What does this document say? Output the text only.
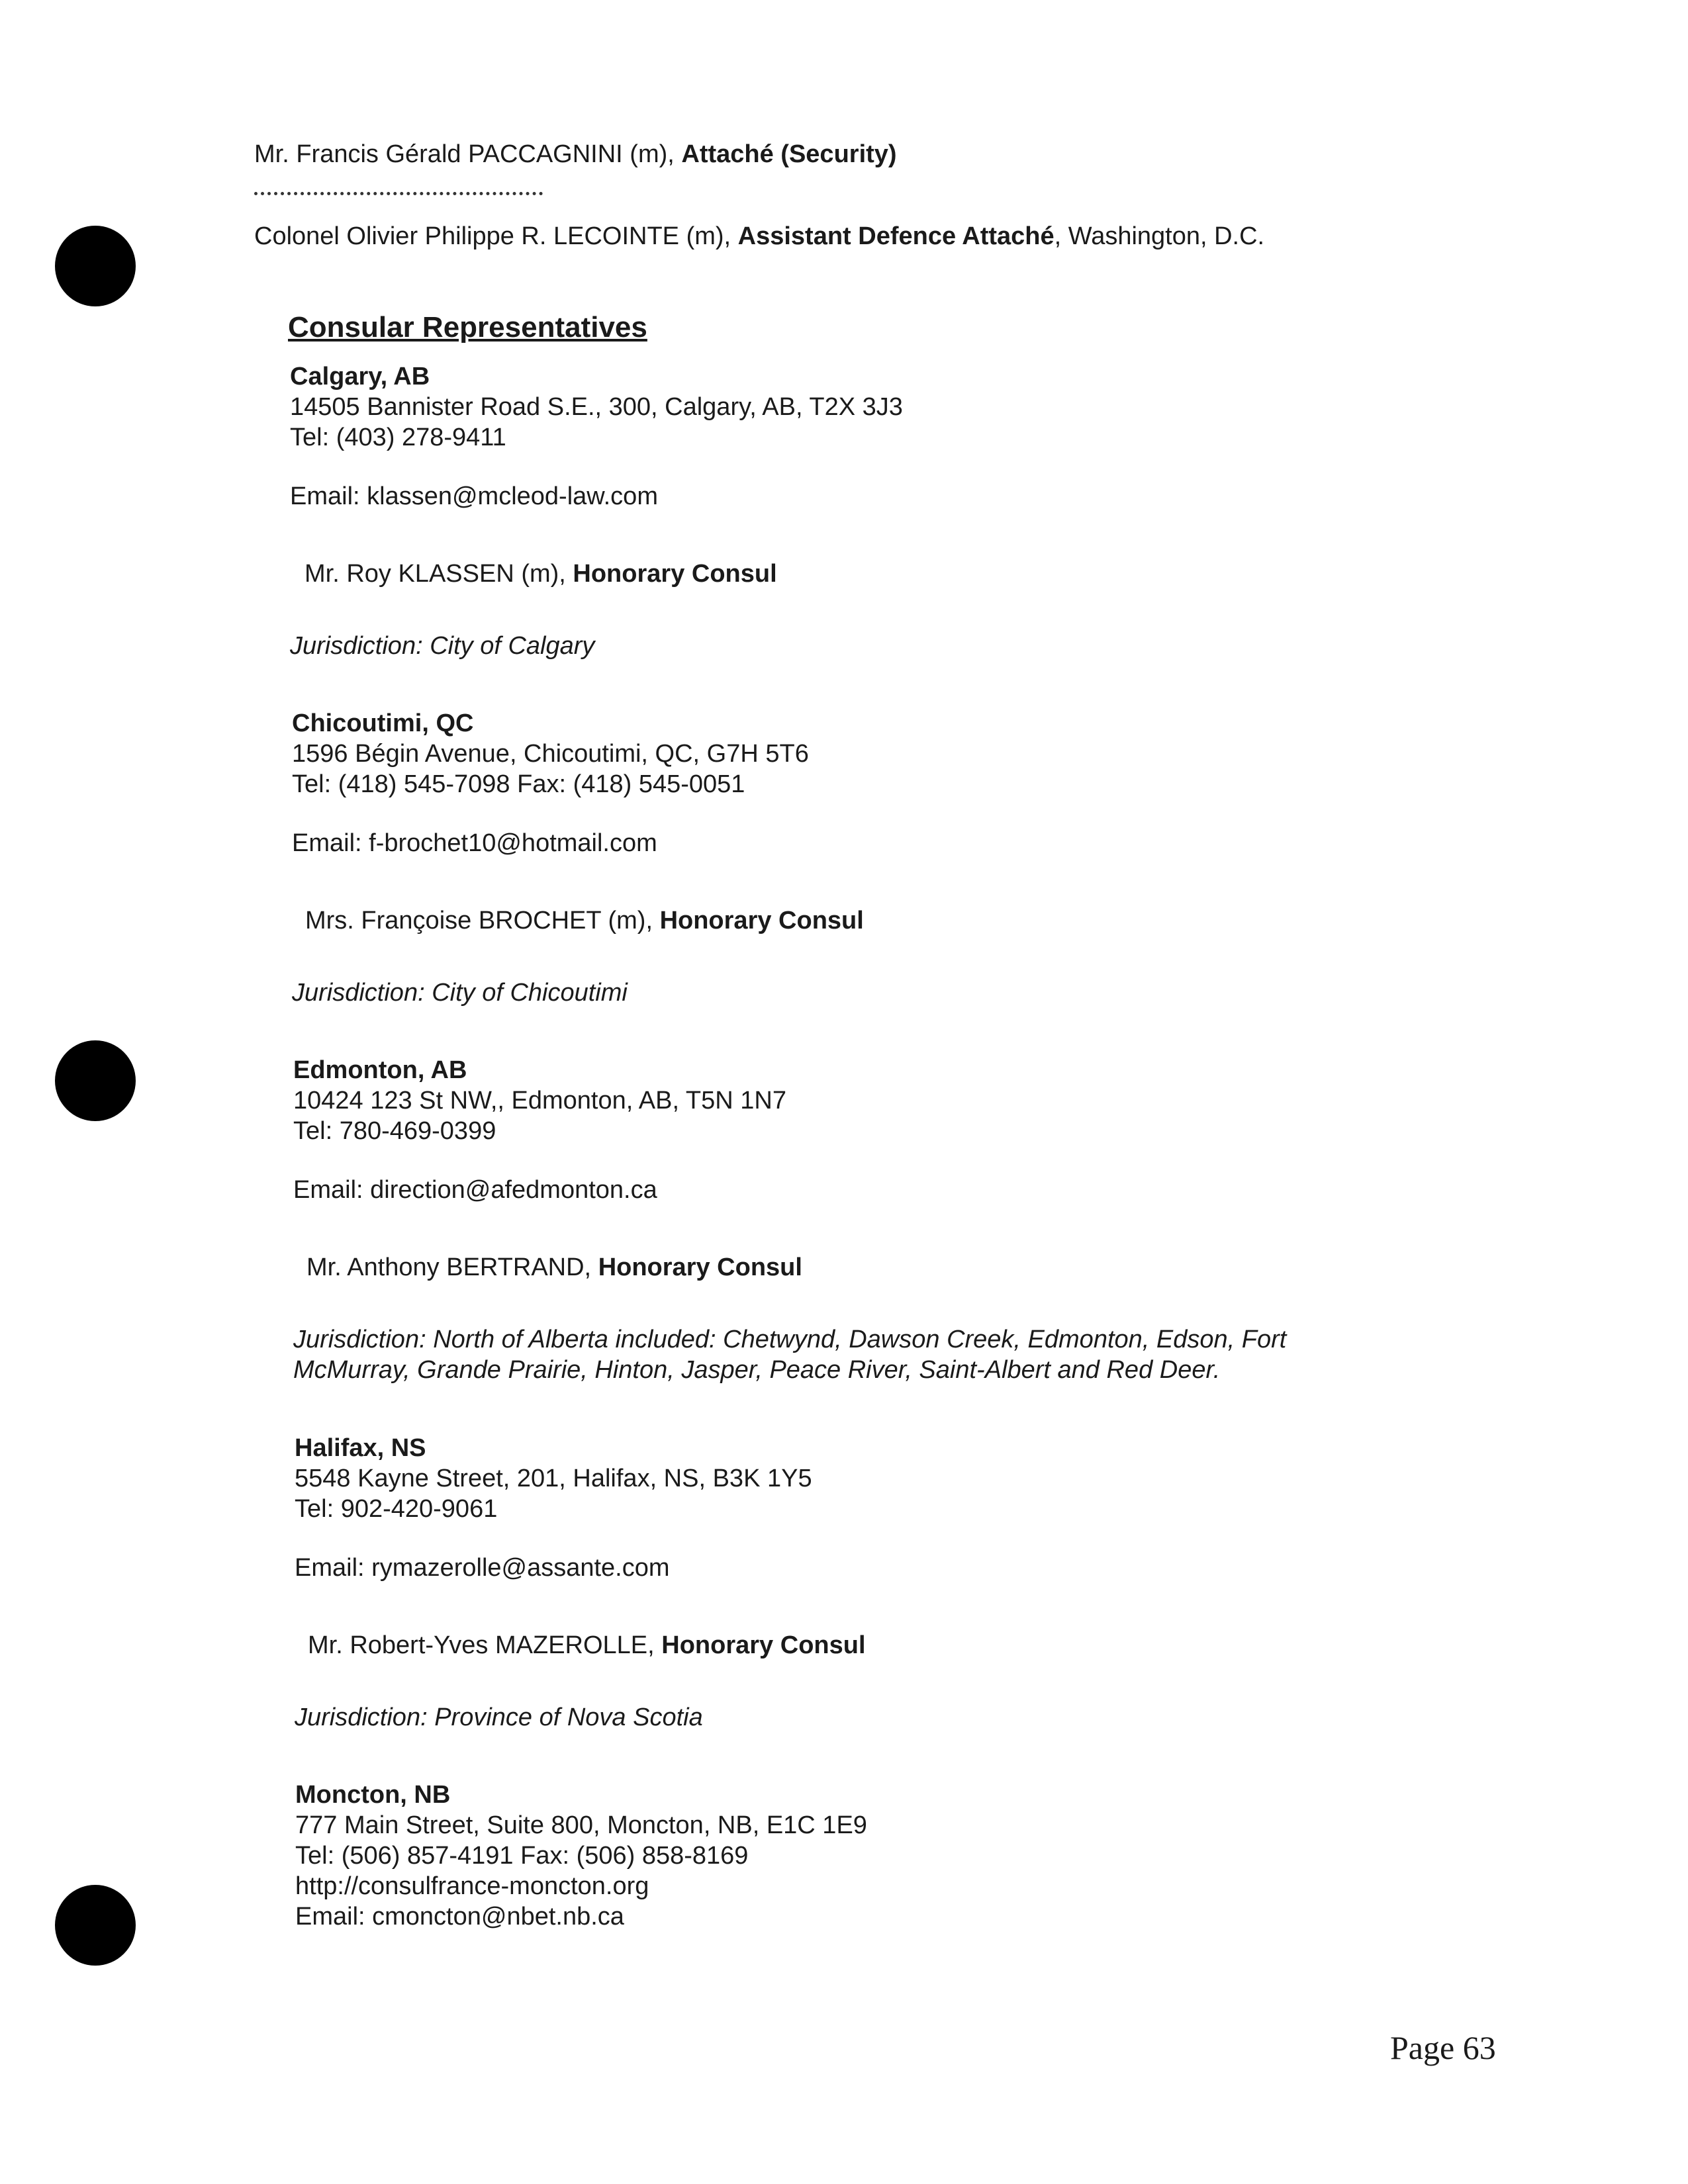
Mr. Francis Gérald PACCAGNINI (m), Attaché (Security)
Colonel Olivier Philippe R. LECOINTE (m), Assistant Defence Attaché, Washington, D.C.
Consular Representatives
Calgary, AB
14505 Bannister Road S.E., 300, Calgary, AB, T2X 3J3
Tel: (403) 278-9411
Email: klassen@mcleod-law.com
Mr. Roy KLASSEN (m), Honorary Consul
Jurisdiction: City of Calgary
Chicoutimi, QC
1596 Bégin Avenue, Chicoutimi, QC, G7H 5T6
Tel: (418) 545-7098 Fax: (418) 545-0051
Email: f-brochet10@hotmail.com
Mrs. Françoise BROCHET (m), Honorary Consul
Jurisdiction: City of Chicoutimi
Edmonton, AB
10424 123 St NW,, Edmonton, AB, T5N 1N7
Tel: 780-469-0399
Email: direction@afedmonton.ca
Mr. Anthony BERTRAND, Honorary Consul
Jurisdiction: North of Alberta included: Chetwynd, Dawson Creek, Edmonton, Edson, Fort
McMurray, Grande Prairie, Hinton, Jasper, Peace River, Saint-Albert and Red Deer.
Halifax, NS
5548 Kayne Street, 201, Halifax, NS, B3K 1Y5
Tel: 902-420-9061
Email: rymazerolle@assante.com
Mr. Robert-Yves MAZEROLLE, Honorary Consul
Jurisdiction: Province of Nova Scotia
Moncton, NB
777 Main Street, Suite 800, Moncton, NB, E1C 1E9
Tel: (506) 857-4191 Fax: (506) 858-8169
http://consulfrance-moncton.org
Email: cmoncton@nbet.nb.ca
Page 63
